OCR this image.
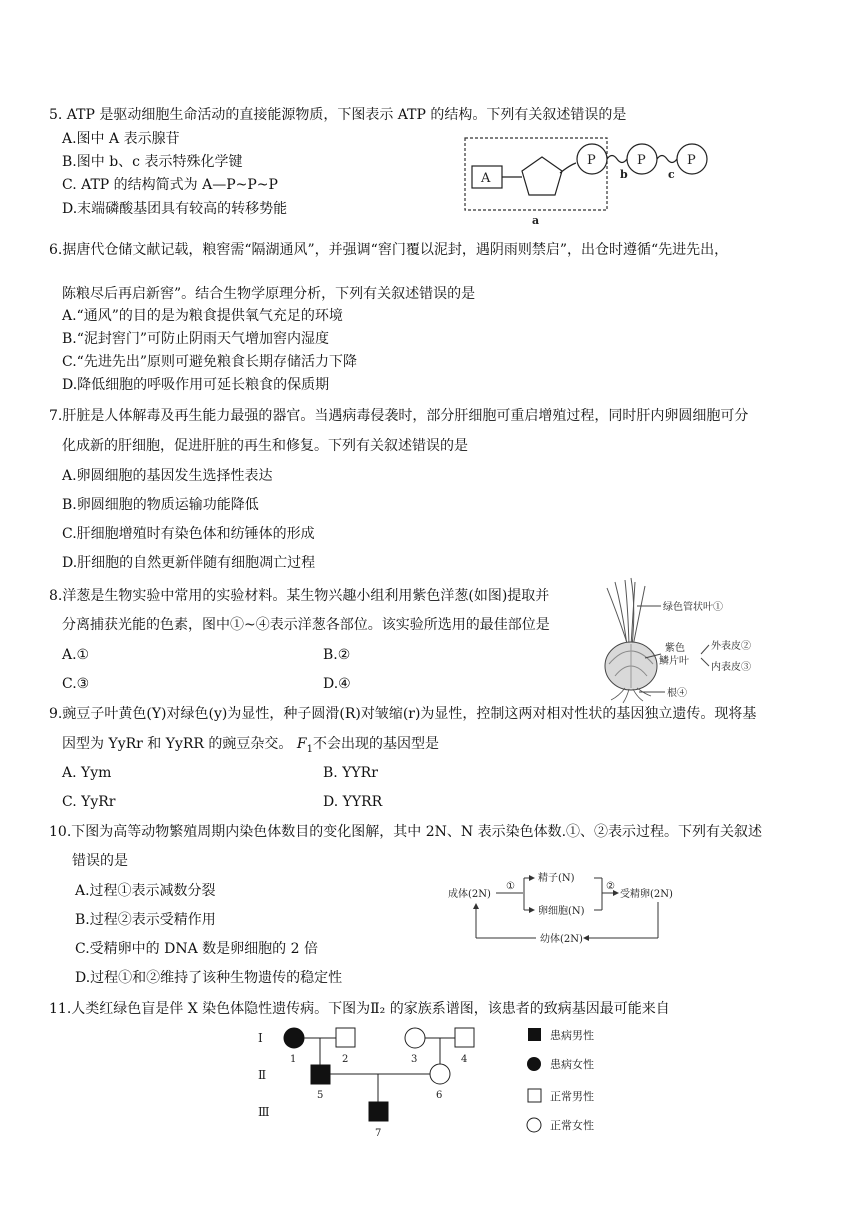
5. ATP 是驱动细胞生命活动的直接能源物质，下图表示 ATP 的结构。下列有关叙述错误的是
A.图中 A 表示腺苷
B.图中 b、c 表示特殊化学键
C. ATP 的结构简式为 A—P~P~P
D.末端磷酸基团具有较高的转移势能
A
P	P	P
b	c
a
6.据唐代仓储文献记载，粮窖需“隔湖通风”，并强调“窖门覆以泥封，遇阴雨则禁启”，出仓时遵循“先进先出，
陈粮尽后再启新窖”。结合生物学原理分析，下列有关叙述错误的是
A.“通风”的目的是为粮食提供氧气充足的环境
B.“泥封窖门”可防止阴雨天气增加窖内湿度
C.“先进先出”原则可避免粮食长期存储活力下降
D.降低细胞的呼吸作用可延长粮食的保质期
7.肝脏是人体解毒及再生能力最强的器官。当遇病毒侵袭时，部分肝细胞可重启增殖过程，同时肝内卵圆细胞可分
化成新的肝细胞，促进肝脏的再生和修复。下列有关叙述错误的是
A.卵圆细胞的基因发生选择性表达
B.卵圆细胞的物质运输功能降低
C.肝细胞增殖时有染色体和纺锤体的形成
D.肝细胞的自然更新伴随有细胞凋亡过程
8.洋葱是生物实验中常用的实验材料。某生物兴趣小组利用紫色洋葱(如图)提取并
分离捕获光能的色素，图中①~④表示洋葱各部位。该实验所选用的最佳部位是
A.①	B.②
C.③	D.④
绿色管状叶①
紫色
鳞片叶
外表皮②
内表皮③
根④
9.豌豆子叶黄色(Y)对绿色(y)为显性，种子圆滑(R)对皱缩(r)为显性，控制这两对相对性状的基因独立遗传。现将基
因型为 YyRr 和 YyRR 的豌豆杂交。 $F_1$不会出现的基因型是
A. Yym	B. YYRr
C. YyRr	D. YYRR
10.下图为高等动物繁殖周期内染色体数目的变化图解，其中 2N、N 表示染色体数.①、②表示过程。下列有关叙述
错误的是
A.过程①表示减数分裂
B.过程②表示受精作用
C.受精卵中的 DNA 数是卵细胞的 2 倍
D.过程①和②维持了该种生物遗传的稳定性
成体(2N)
①
精子(N)
卵细胞(N)
②
受精卵(2N)
幼体(2N)
11.人类红绿色盲是伴 X 染色体隐性遗传病。下图为Ⅱ₂ 的家族系谱图，该患者的致病基因最可能来自
Ⅰ
Ⅱ
Ⅲ
1	2	3	4
5	6
7
患病男性
患病女性
正常男性
正常女性
